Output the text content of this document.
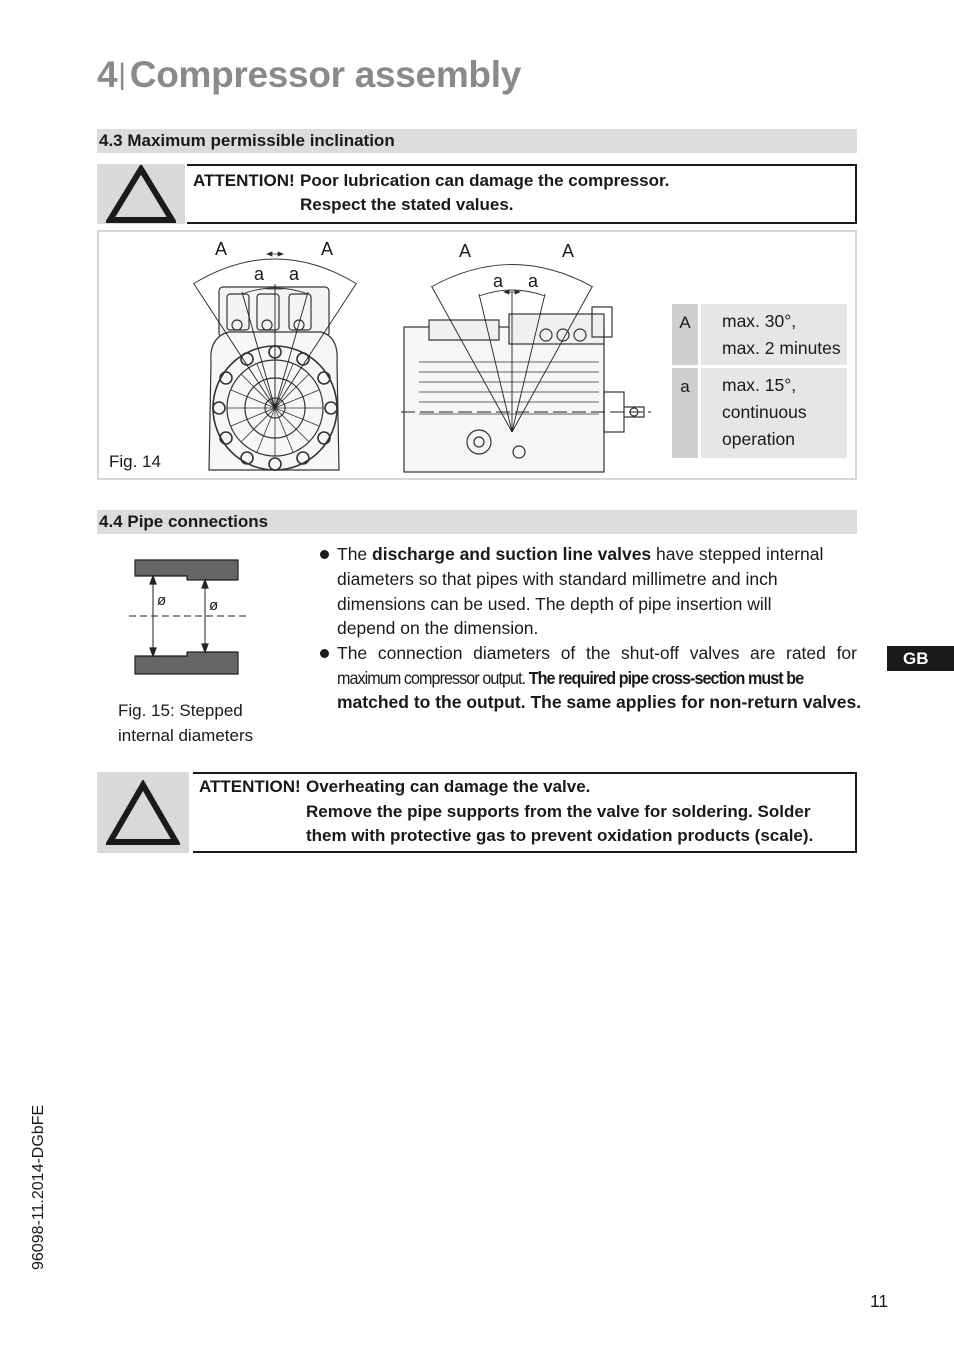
4| Compressor assembly
4.3 Maximum permissible inclination
ATTENTION! Poor lubrication can damage the compressor.
Respect the stated values.
A	A
a a
A	A
a a
Fig. 14
A	max. 30°,
max. 2 minutes
a	max. 15°,
continuous
operation
4.4 Pipe connections
ø	ø
Fig. 15: Stepped
internal diameters
The discharge and suction line valves have stepped internal
diameters so that pipes with standard millimetre and inch
dimensions can be used. The depth of pipe insertion will
depend on the dimension.
The connection diameters of the shut-off valves are rated for
maximum compressor output. The required pipe cross-section must be
matched to the output. The same applies for non-return valves.
ATTENTION! Overheating can damage the valve.
Remove the pipe supports from the valve for soldering. Solder
them with protective gas to prevent oxidation products (scale).
GB
96098-11.2014-DGbFE
11
